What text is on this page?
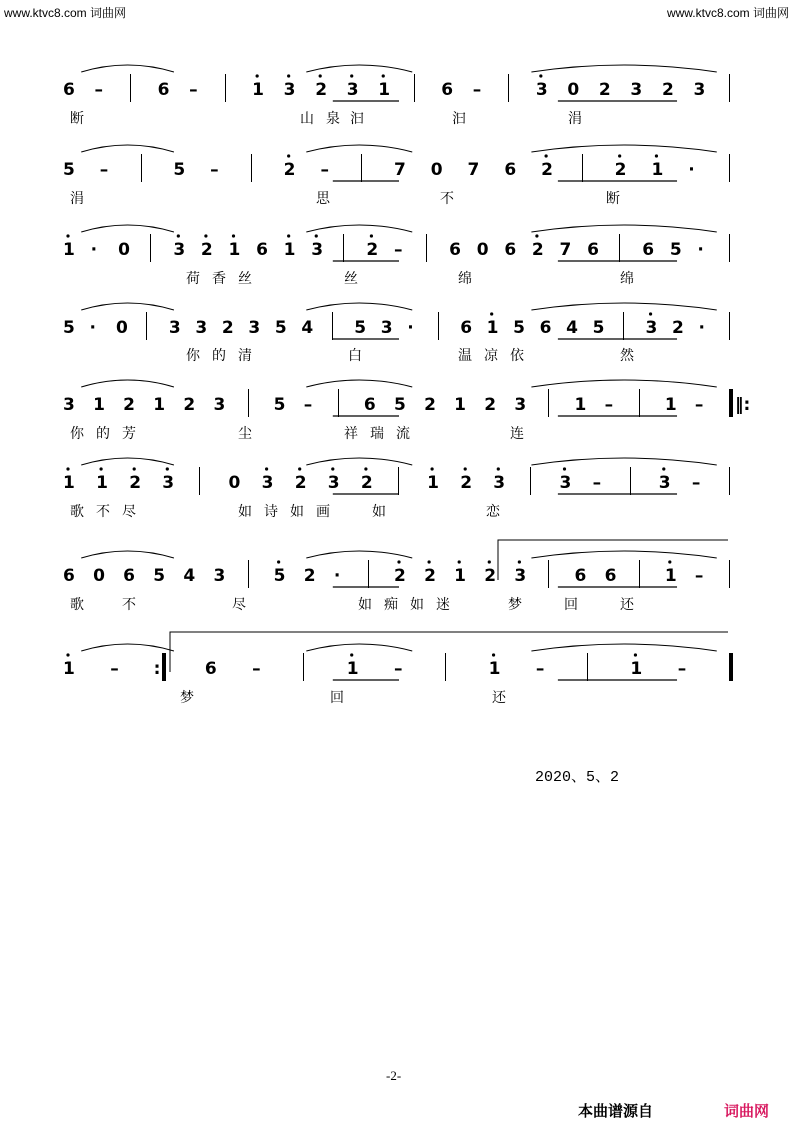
www.ktvc8.com 词曲网	www.ktvc8.com 词曲网
6 –	6 –	1 3 2 3 1	6 –	3 0 2 3 2 3
断	山 泉 汩	汩	涓
5 –	5 –	2 –	7 0 7 6 2	2 1 ·
涓	思	不	断
1 · 0	3 2 1 6 1 3	2 –	6 0 6 2 7 6	6 5 ·
荷 香 丝	丝	绵	绵
5 · 0 3 3 2 3 5 4 5 3 ·	6 1 5 6 4 5 3 2 ·
你 的 清	白	温 凉 依	然
3 1 2 1 2 3	5 –	6 5 2 1 2 3	1 –	1 – ‖:
你 的 芳	尘	祥 瑞 流	连
1 1 2 3	0 3 2 3 2	1 2 3	3 –	3 –
歌 不 尽	如 诗 如 画	如	恋
6 0 6 5 4 3	5 2 ·	2 2 1 2 3	6 6	1 –
歌	不	尽	如 痴 如 迷	梦	回	还
1 – :| 6 –	1 –	1 –	1 –
梦	回	还
2020、5、2
-2-
本曲谱源自	词曲网
